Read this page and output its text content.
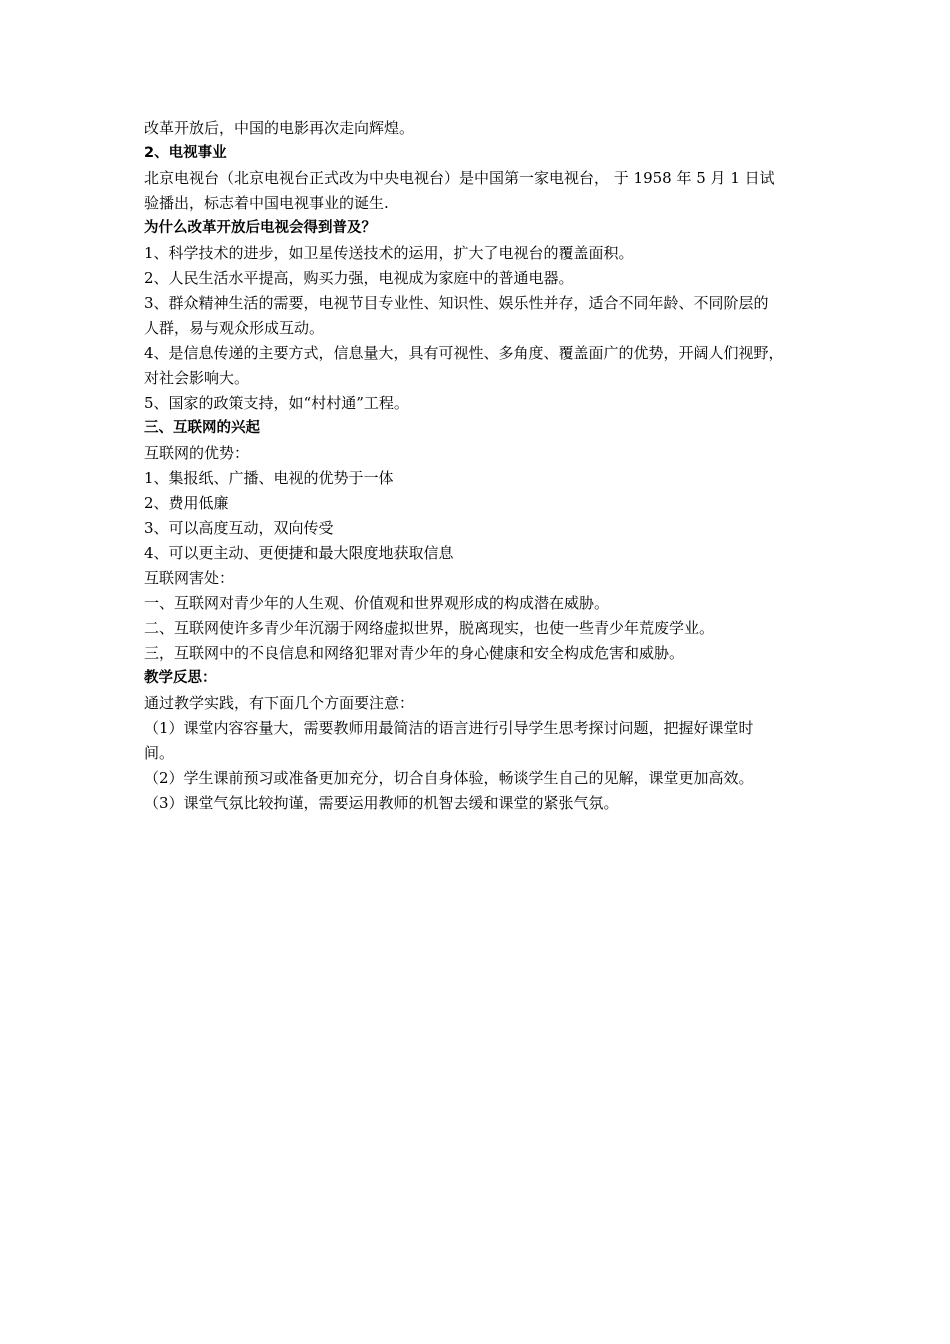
改革开放后，中国的电影再次走向辉煌。
2、电视事业
北京电视台（北京电视台正式改为中央电视台）是中国第一家电视台， 于 1958 年 5 月 1 日试
验播出，标志着中国电视事业的诞生.
为什么改革开放后电视会得到普及？
1、科学技术的进步，如卫星传送技术的运用，扩大了电视台的覆盖面积。
2、人民生活水平提高，购买力强，电视成为家庭中的普通电器。
3、群众精神生活的需要，电视节目专业性、知识性、娱乐性并存，适合不同年龄、不同阶层的
人群，易与观众形成互动。
4、是信息传递的主要方式，信息量大，具有可视性、多角度、覆盖面广的优势，开阔人们视野，
对社会影响大。
5、国家的政策支持，如“村村通”工程。
三、互联网的兴起
互联网的优势：
1、集报纸、广播、电视的优势于一体
2、费用低廉
3、可以高度互动，双向传受
4、可以更主动、更便捷和最大限度地获取信息
互联网害处：
一、互联网对青少年的人生观、价值观和世界观形成的构成潜在威胁。
二、互联网使许多青少年沉溺于网络虚拟世界，脱离现实，也使一些青少年荒废学业。
三，互联网中的不良信息和网络犯罪对青少年的身心健康和安全构成危害和威胁。
教学反思：
通过教学实践，有下面几个方面要注意：
（1）课堂内容容量大，需要教师用最简洁的语言进行引导学生思考探讨问题，把握好课堂时
间。
（2）学生课前预习或准备更加充分，切合自身体验，畅谈学生自己的见解，课堂更加高效。
（3）课堂气氛比较拘谨，需要运用教师的机智去缓和课堂的紧张气氛。
